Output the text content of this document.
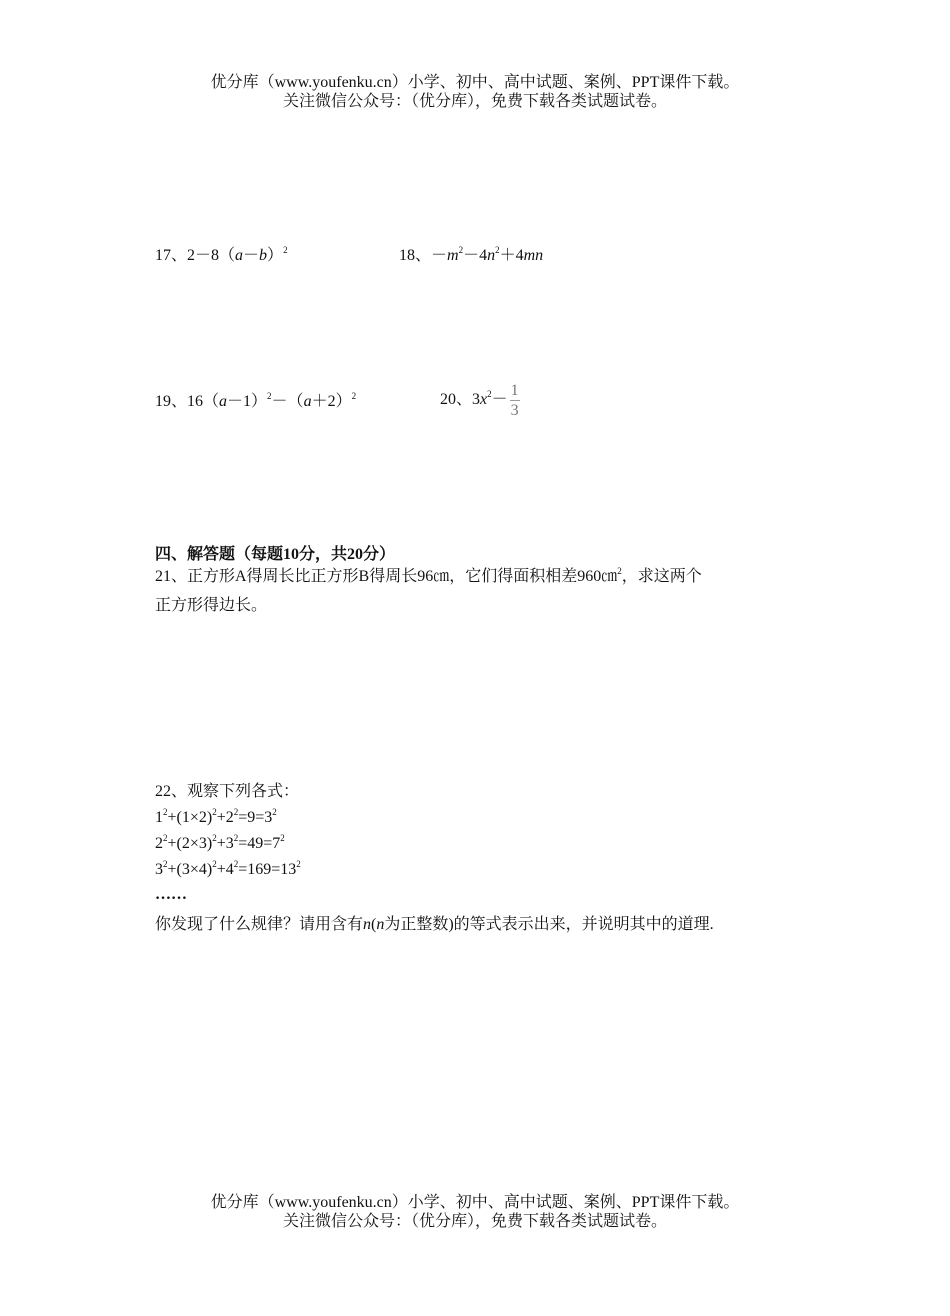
优分库（www.youfenku.cn）小学、初中、高中试题、案例、PPT课件下载。
关注微信公众号：（优分库），免费下载各类试题试卷。
17、$2-8(a-b)^2$	18、$-m^2-4n^2+4mn$
19、$16(a-1)^2-(a+2)^2$	20、$3x^2- \frac{1}{3}$
四、解答题（每题10分，共20分）
21、正方形A得周长比正方形B得周长96㎝，它们得面积相差960㎝$^2$，求这两个
正方形得边长。
22、观察下列各式：
$1^2+(1\times 2)^2+2^2=9=3^2$
$2^2+(2\times 3)^2+3^2=49=7^2$
$3^2+(3\times 4)^2+4^2=169=13^2$
……
你发现了什么规律？请用含有n(n为正整数)的等式表示出来，并说明其中的道理.
优分库（www.youfenku.cn）小学、初中、高中试题、案例、PPT课件下载。
关注微信公众号：（优分库），免费下载各类试题试卷。
